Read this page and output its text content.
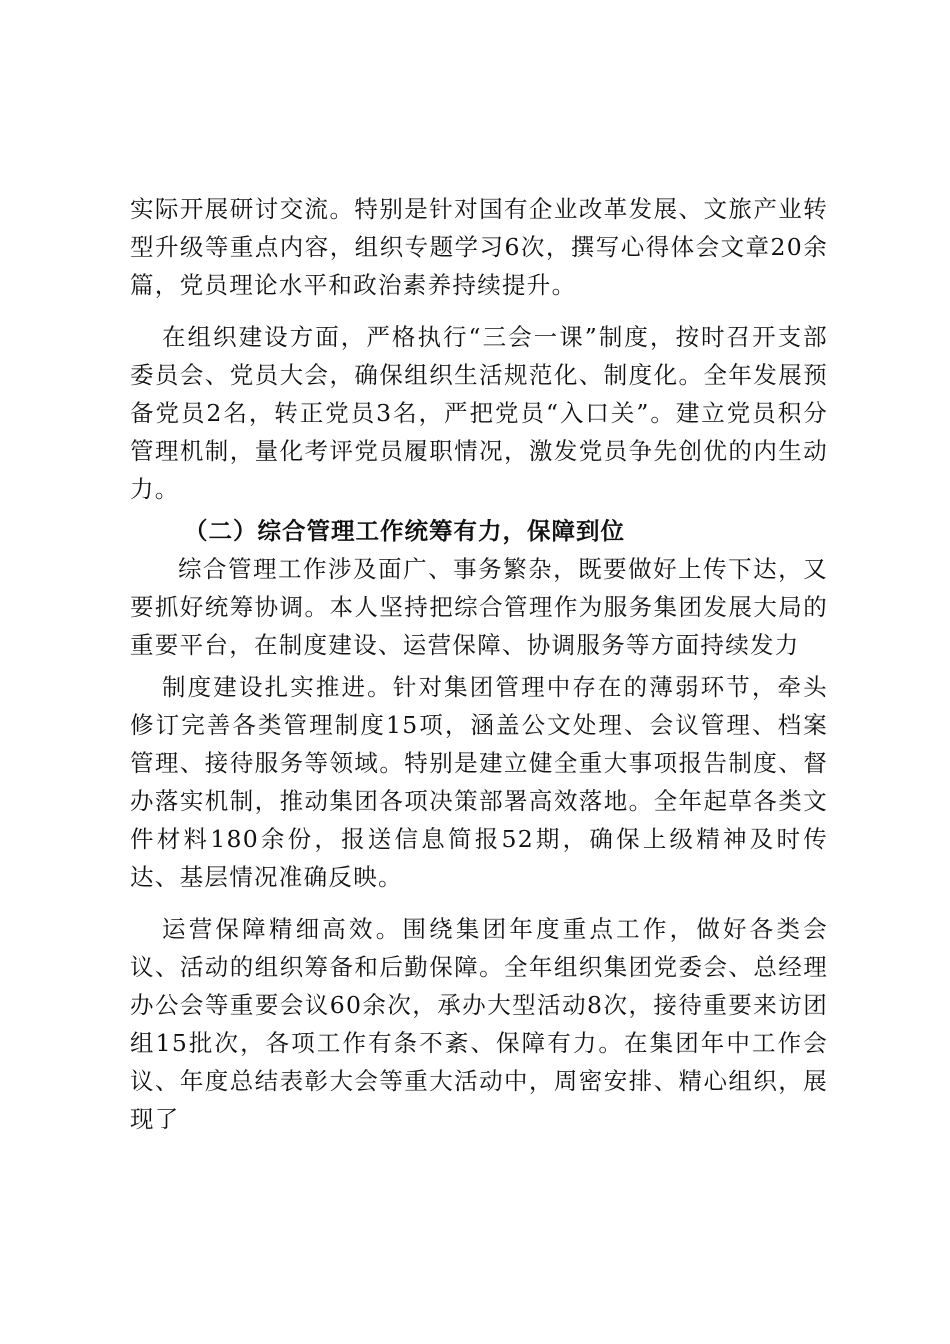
实际开展研讨交流。特别是针对国有企业改革发展、文旅产业转型升级等重点内容，组织专题学习6次，撰写心得体会文章20余篇，党员理论水平和政治素养持续提升。

在组织建设方面，严格执行“三会一课”制度，按时召开支部委员会、党员大会，确保组织生活规范化、制度化。全年发展预备党员2名，转正党员3名，严把党员“入口关”。建立党员积分管理机制，量化考评党员履职情况，激发党员争先创优的内生动力。

（二）综合管理工作统筹有力，保障到位

综合管理工作涉及面广、事务繁杂，既要做好上传下达，又要抓好统筹协调。本人坚持把综合管理作为服务集团发展大局的重要平台，在制度建设、运营保障、协调服务等方面持续发力

制度建设扎实推进。针对集团管理中存在的薄弱环节，牵头修订完善各类管理制度15项，涵盖公文处理、会议管理、档案管理、接待服务等领域。特别是建立健全重大事项报告制度、督办落实机制，推动集团各项决策部署高效落地。全年起草各类文件材料180余份，报送信息简报52期，确保上级精神及时传达、基层情况准确反映。

运营保障精细高效。围绕集团年度重点工作，做好各类会议、活动的组织筹备和后勤保障。全年组织集团党委会、总经理办公会等重要会议60余次，承办大型活动8次，接待重要来访团组15批次，各项工作有条不紊、保障有力。在集团年中工作会议、年度总结表彰大会等重大活动中，周密安排、精心组织，展现了
